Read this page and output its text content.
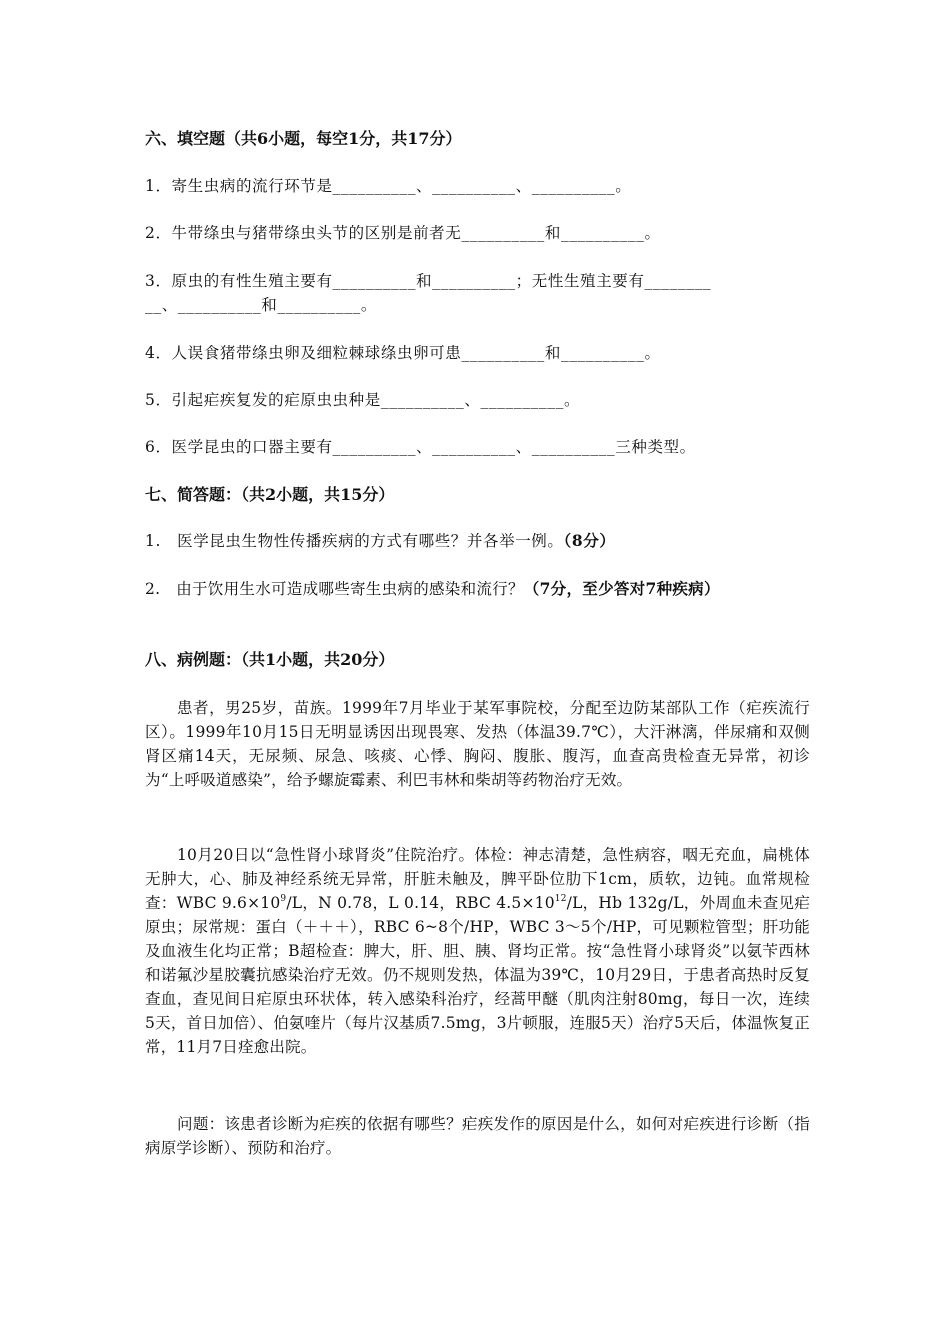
六、填空题（共6小题，每空1分，共17分）
1．寄生虫病的流行环节是__________、__________、__________。
2．牛带绦虫与猪带绦虫头节的区别是前者无__________和__________。
3．原虫的有性生殖主要有__________和__________；无性生殖主要有________
__、__________和__________。
4．人误食猪带绦虫卵及细粒棘球绦虫卵可患__________和__________。
5．引起疟疾复发的疟原虫虫种是__________、__________。
6．医学昆虫的口器主要有__________、__________、__________三种类型。
七、简答题：（共2小题，共15分）
1.　医学昆虫生物性传播疾病的方式有哪些？并各举一例。（8分）
2.　由于饮用生水可造成哪些寄生虫病的感染和流行？（7分，至少答对7种疾病）
八、病例题：（共1小题，共20分）

患者，男25岁，苗族。1999年7月毕业于某军事院校，分配至边防某部队工作（疟疾流行区）。1999年10月15日无明显诱因出现畏寒、发热（体温39.7℃），大汗淋漓，伴尿痛和双侧肾区痛14天，无尿频、尿急、咳痰、心悸、胸闷、腹胀、腹泻，血查高贵检查无异常，初诊为“上呼吸道感染”，给予螺旋霉素、利巴韦林和柴胡等药物治疗无效。

10月20日以“急性肾小球肾炎”住院治疗。体检：神志清楚，急性病容，咽无充血，扁桃体无肿大，心、肺及神经系统无异常，肝脏未触及，脾平卧位肋下1cm，质软，边钝。血常规检查：WBC $9.6\times 10^9/L$，N 0.78，L 0.14，RBC $4.5\times 10^{12}/L$，Hb 132g/L，外周血未查见疟原虫；尿常规：蛋白（＋＋＋），RBC 6~8个/HP，WBC 3～5个/HP，可见颗粒管型；肝功能及血液生化均正常；B超检查：脾大，肝、胆、胰、肾均正常。按“急性肾小球肾炎”以氨苄西林和诺氟沙星胶囊抗感染治疗无效。仍不规则发热，体温为39℃，10月29日，于患者高热时反复查血，查见间日疟原虫环状体，转入感染科治疗，经蒿甲醚（肌肉注射80mg，每日一次，连续5天，首日加倍）、伯氨喹片（每片汉基质7.5mg，3片顿服，连服5天）治疗5天后，体温恢复正常，11月7日痊愈出院。

问题：该患者诊断为疟疾的依据有哪些？疟疾发作的原因是什么，如何对疟疾进行诊断（指病原学诊断）、预防和治疗。
